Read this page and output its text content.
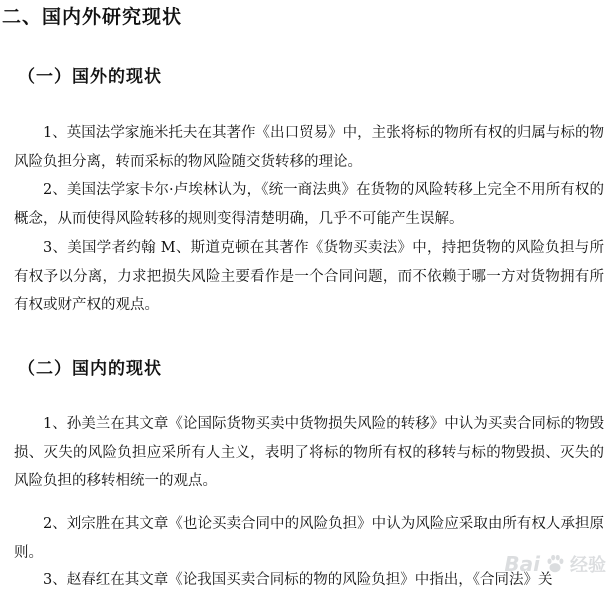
二、国内外研究现状
（一）国外的现状
1、英国法学家施米托夫在其著作《出口贸易》中，主张将标的物所有权的归属与标的物风险负担分离，转而采标的物风险随交货转移的理论。
2、美国法学家卡尔·卢埃林认为，《统一商法典》在货物的风险转移上完全不用所有权的概念，从而使得风险转移的规则变得清楚明确，几乎不可能产生误解。
3、美国学者约翰 M、斯道克顿在其著作《货物买卖法》中，持把货物的风险负担与所有权予以分离，力求把损失风险主要看作是一个合同问题，而不依赖于哪一方对货物拥有所有权或财产权的观点。
（二）国内的现状
1、孙美兰在其文章《论国际货物买卖中货物损失风险的转移》中认为买卖合同标的物毁损、灭失的风险负担应采所有人主义，表明了将标的物所有权的移转与标的物毁损、灭失的风险负担的移转相统一的观点。
2、刘宗胜在其文章《也论买卖合同中的风险负担》中认为风险应采取由所有权人承担原则。
3、赵春红在其文章《论我国买卖合同标的物的风险负担》中指出，《合同法》关
Bai 经验
